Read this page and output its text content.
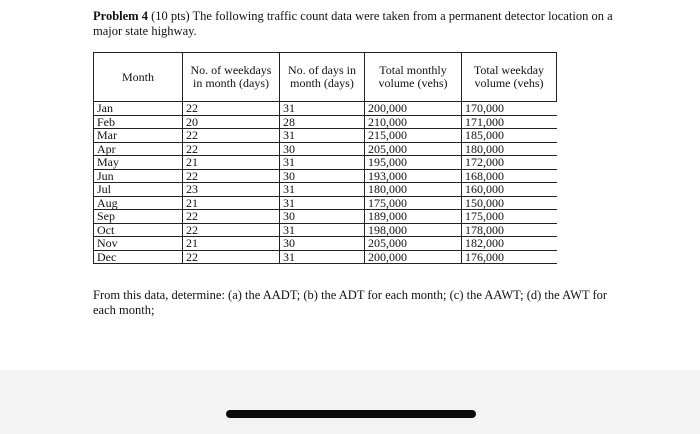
Problem 4 (10 pts) The following traffic count data were taken from a permanent detector location on a major state highway.
Month	No. of weekdays in month (days)	No. of days in month (days)	Total monthly volume (vehs)	Total weekday volume (vehs)
Jan	22	31	200,000	170,000
Feb	20	28	210,000	171,000
Mar	22	31	215,000	185,000
Apr	22	30	205,000	180,000
May	21	31	195,000	172,000
Jun	22	30	193,000	168,000
Jul	23	31	180,000	160,000
Aug	21	31	175,000	150,000
Sep	22	30	189,000	175,000
Oct	22	31	198,000	178,000
Nov	21	30	205,000	182,000
Dec	22	31	200,000	176,000
From this data, determine: (a) the AADT; (b) the ADT for each month; (c) the AAWT; (d) the AWT for each month;
